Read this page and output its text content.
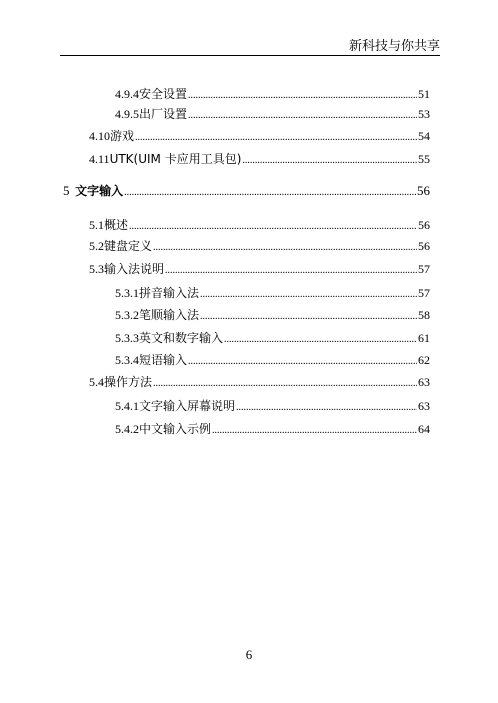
新科技与你共享
4.9.4 安全设置 .....	51
4.9.5 出厂设置 .....	53
4.10 游戏 .....	54
4.11 UTK(UIM 卡应用工具包) .....	55
5 文字输入 .....	56
5.1 概述 .....	56
5.2 键盘定义 .....	56
5.3 输入法说明 .....	57
5.3.1 拼音输入法 .....	57
5.3.2 笔顺输入法 .....	58
5.3.3 英文和数字输入 .....	61
5.3.4 短语输入 .....	62
5.4 操作方法 .....	63
5.4.1 文字输入屏幕说明 .....	63
5.4.2 中文输入示例 .....	64
6
